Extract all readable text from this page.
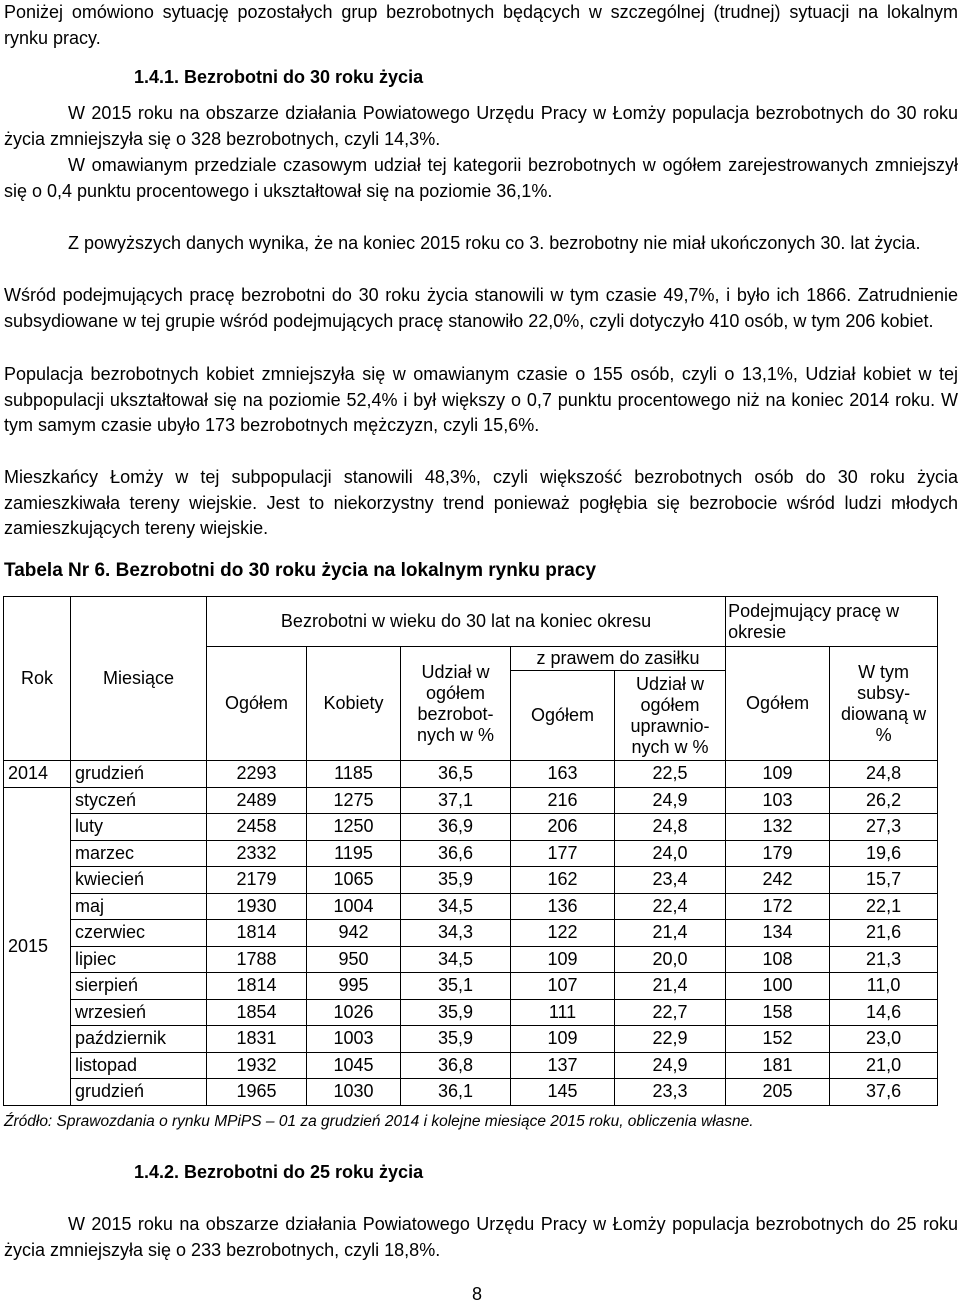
Poniżej omówiono sytuację pozostałych grup bezrobotnych będących w szczególnej (trudnej) sytuacji na lokalnym rynku pracy.

1.4.1. Bezrobotni do 30 roku życia

W 2015 roku na obszarze działania Powiatowego Urzędu Pracy w Łomży populacja bezrobotnych do 30 roku życia zmniejszyła się o 328 bezrobotnych, czyli 14,3%.

W omawianym przedziale czasowym udział tej kategorii bezrobotnych w ogółem zarejestrowanych zmniejszył się o 0,4 punktu procentowego i ukształtował się na poziomie 36,1%.

Z powyższych danych wynika, że na koniec 2015 roku co 3. bezrobotny nie miał ukończonych 30. lat życia.

Wśród podejmujących pracę bezrobotni do 30 roku życia stanowili w tym czasie 49,7%, i było ich 1866. Zatrudnienie subsydiowane w tej grupie wśród podejmujących pracę stanowiło 22,0%, czyli dotyczyło 410 osób, w tym 206 kobiet.

Populacja bezrobotnych kobiet zmniejszyła się w omawianym czasie o 155 osób, czyli o 13,1%, Udział kobiet w tej subpopulacji ukształtował się na poziomie 52,4% i był większy o 0,7 punktu procentowego niż na koniec 2014 roku. W tym samym czasie ubyło 173 bezrobotnych mężczyzn, czyli 15,6%.

Mieszkańcy Łomży w tej subpopulacji stanowili 48,3%, czyli większość bezrobotnych osób do 30 roku życia zamieszkiwała tereny wiejskie. Jest to niekorzystny trend ponieważ pogłębia się bezrobocie wśród ludzi młodych zamieszkujących tereny wiejskie.

Tabela Nr 6. Bezrobotni do 30 roku życia na lokalnym rynku pracy

Rok	Miesiące	Bezrobotni w wieku do 30 lat na koniec okresu					Podejmujący pracę w okresie	
		Ogółem	Kobiety	Udział w ogółem bezrobot-nych w %	z prawem do zasiłku		Ogółem	W tym subsy-diowaną w %
					Ogółem	Udział w ogółem uprawnio-nych w %		
2014	grudzień	2293	1185	36,5	163	22,5	109	24,8
2015	styczeń	2489	1275	37,1	216	24,9	103	26,2
	luty	2458	1250	36,9	206	24,8	132	27,3
	marzec	2332	1195	36,6	177	24,0	179	19,6
	kwiecień	2179	1065	35,9	162	23,4	242	15,7
	maj	1930	1004	34,5	136	22,4	172	22,1
	czerwiec	1814	942	34,3	122	21,4	134	21,6
	lipiec	1788	950	34,5	109	20,0	108	21,3
	sierpień	1814	995	35,1	107	21,4	100	11,0
	wrzesień	1854	1026	35,9	111	22,7	158	14,6
	październik	1831	1003	35,9	109	22,9	152	23,0
	listopad	1932	1045	36,8	137	24,9	181	21,0
	grudzień	1965	1030	36,1	145	23,3	205	37,6

Źródło: Sprawozdania o rynku MPiPS – 01 za grudzień 2014 i kolejne miesiące 2015 roku, obliczenia własne.

1.4.2. Bezrobotni do 25 roku życia

W 2015 roku na obszarze działania Powiatowego Urzędu Pracy w Łomży populacja bezrobotnych do 25 roku życia zmniejszyła się o 233 bezrobotnych, czyli 18,8%.

8
